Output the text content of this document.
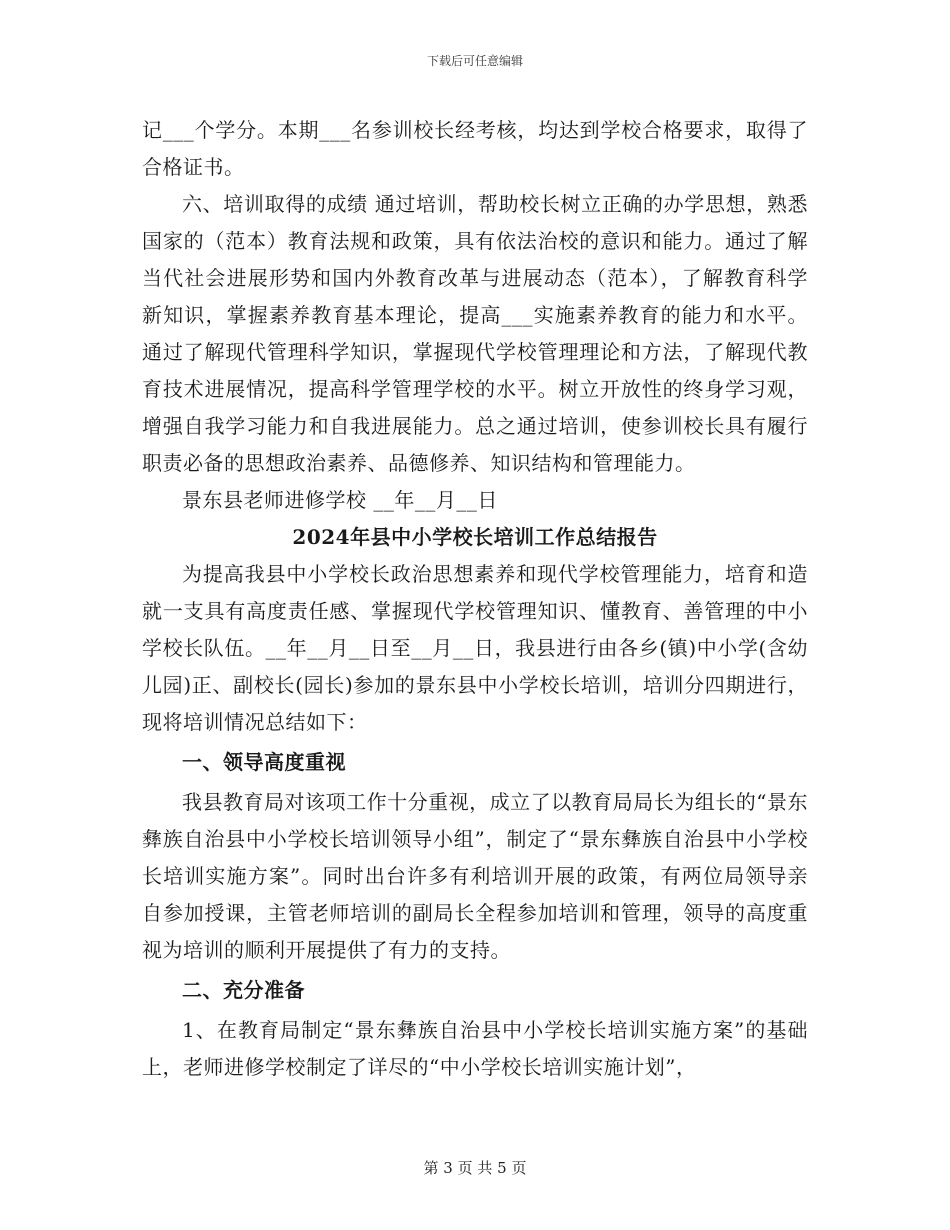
下载后可任意编辑

记___个学分。本期___名参训校长经考核，均达到学校合格要求，取得了合格证书。

六、培训取得的成绩 通过培训，帮助校长树立正确的办学思想，熟悉国家的（范本）教育法规和政策，具有依法治校的意识和能力。通过了解当代社会进展形势和国内外教育改革与进展动态（范本），了解教育科学新知识，掌握素养教育基本理论，提高___实施素养教育的能力和水平。通过了解现代管理科学知识，掌握现代学校管理理论和方法，了解现代教育技术进展情况，提高科学管理学校的水平。树立开放性的终身学习观，增强自我学习能力和自我进展能力。总之通过培训，使参训校长具有履行职责必备的思想政治素养、品德修养、知识结构和管理能力。

景东县老师进修学校 __年__月__日

2024年县中小学校长培训工作总结报告

为提高我县中小学校长政治思想素养和现代学校管理能力，培育和造就一支具有高度责任感、掌握现代学校管理知识、懂教育、善管理的中小学校长队伍。__年__月__日至__月__日，我县进行由各乡(镇)中小学(含幼儿园)正、副校长(园长)参加的景东县中小学校长培训，培训分四期进行，现将培训情况总结如下：

一、领导高度重视

我县教育局对该项工作十分重视，成立了以教育局局长为组长的“景东彝族自治县中小学校长培训领导小组”，制定了“景东彝族自治县中小学校长培训实施方案”。同时出台许多有利培训开展的政策，有两位局领导亲自参加授课，主管老师培训的副局长全程参加培训和管理，领导的高度重视为培训的顺利开展提供了有力的支持。

二、充分准备

1、在教育局制定“景东彝族自治县中小学校长培训实施方案”的基础上，老师进修学校制定了详尽的“中小学校长培训实施计划”，

第 3 页 共 5 页
